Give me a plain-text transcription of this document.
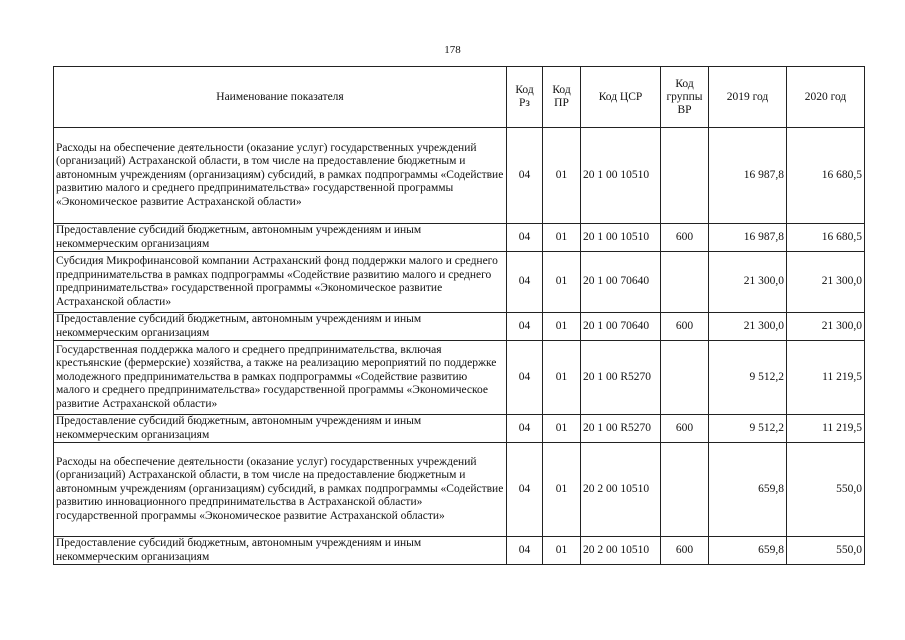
178
Наименование показателя	Код Рз	Код ПР	Код ЦСР	Код группы ВР	2019 год	2020 год
Расходы на обеспечение деятельности (оказание услуг) государственных учреждений (организаций) Астраханской области, в том числе на предоставление бюджетным и автономным учреждениям (организациям) субсидий, в рамках подпрограммы «Содействие развитию малого и среднего предпринимательства» государственной программы «Экономическое развитие Астраханской области»	04	01	20 1 00 10510		16 987,8	16 680,5
Предоставление субсидий бюджетным, автономным учреждениям и иным некоммерческим организациям	04	01	20 1 00 10510	600	16 987,8	16 680,5
Субсидия Микрофинансовой компании Астраханский фонд поддержки малого и среднего предпринимательства в рамках подпрограммы «Содействие развитию малого и среднего предпринимательства» государственной программы «Экономическое развитие Астраханской области»	04	01	20 1 00 70640		21 300,0	21 300,0
Предоставление субсидий бюджетным, автономным учреждениям и иным некоммерческим организациям	04	01	20 1 00 70640	600	21 300,0	21 300,0
Государственная поддержка малого и среднего предпринимательства, включая крестьянские (фермерские) хозяйства, а также на реализацию мероприятий по поддержке молодежного предпринимательства в рамках подпрограммы «Содействие развитию малого и среднего предпринимательства» государственной программы «Экономическое развитие Астраханской области»	04	01	20 1 00 R5270		9 512,2	11 219,5
Предоставление субсидий бюджетным, автономным учреждениям и иным некоммерческим организациям	04	01	20 1 00 R5270	600	9 512,2	11 219,5
Расходы на обеспечение деятельности (оказание услуг) государственных учреждений (организаций) Астраханской области, в том числе на предоставление бюджетным и автономным учреждениям (организациям) субсидий, в рамках подпрограммы «Содействие развитию инновационного предпринимательства в Астраханской области» государственной программы «Экономическое развитие Астраханской области»	04	01	20 2 00 10510		659,8	550,0
Предоставление субсидий бюджетным, автономным учреждениям и иным некоммерческим организациям	04	01	20 2 00 10510	600	659,8	550,0
